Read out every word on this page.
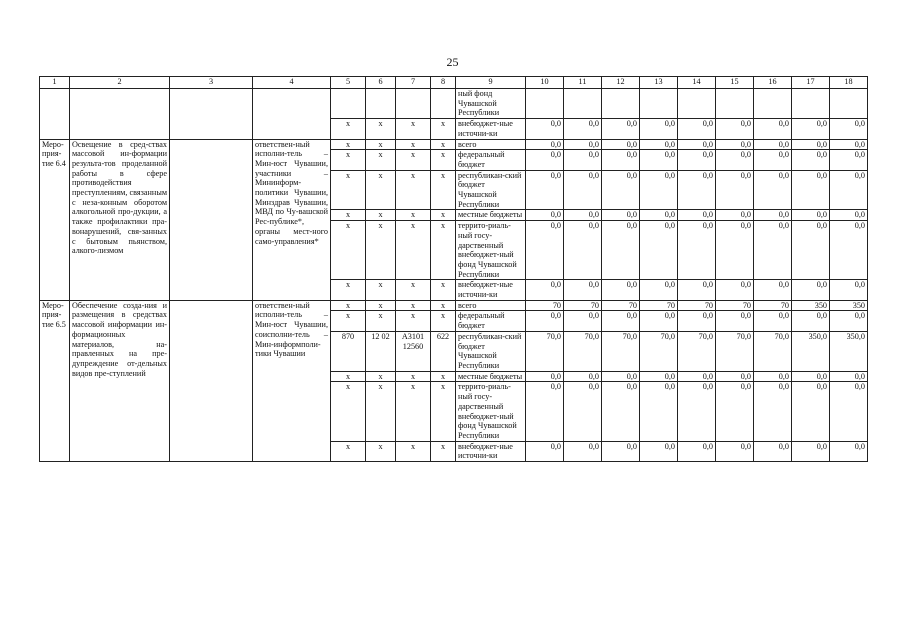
25
1	2	3	4	5	6	7	8	9	10	11	12	13	14	15	16	17	18
								ный фонд Чувашской Республики									
				x	x	x	x	внебюджет-ные источни-ки	0,0	0,0	0,0	0,0	0,0	0,0	0,0	0,0	0,0
Меро-прия-тие 6.4	Освещение в сред-ствах массовой ин-формации результа-тов проделанной работы в сфере противодействия преступлениям, связанным с неза-конным оборотом алкогольной про-дукции, а также профилактики пра-вонарушений, свя-занных с бытовым пьянством, алкого-лизмом		ответствен-ный исполни-тель – Мин-юст Чувашии, участники – Мининформ-политики Чувашии, Минздрав Чувашии, МВД по Чу-вашской Рес-публике*, органы мест-ного само-управления*	x	x	x	x	всего	0,0	0,0	0,0	0,0	0,0	0,0	0,0	0,0	0,0
				x	x	x	x	федеральный бюджет	0,0	0,0	0,0	0,0	0,0	0,0	0,0	0,0	0,0
				x	x	x	x	республикан-ский бюджет Чувашской Республики	0,0	0,0	0,0	0,0	0,0	0,0	0,0	0,0	0,0
				x	x	x	x	местные бюджеты	0,0	0,0	0,0	0,0	0,0	0,0	0,0	0,0	0,0
				x	x	x	x	террито-риаль-ный госу-дарственный внебюджет-ный фонд Чувашской Республики	0,0	0,0	0,0	0,0	0,0	0,0	0,0	0,0	0,0
				x	x	x	x	внебюджет-ные источни-ки	0,0	0,0	0,0	0,0	0,0	0,0	0,0	0,0	0,0
Меро-прия-тие 6.5	Обеспечение созда-ния и размещения в средствах массовой информации ин-формационных материалов, на-правленных на пре-дупреждение от-дельных видов пре-ступлений		ответствен-ный исполни-тель – Мин-юст Чувашии, соисполни-тель – Мин-информполи-тики Чувашии	x	x	x	x	всего	70	70	70	70	70	70	70	350	350
				x	x	x	x	федеральный бюджет	0,0	0,0	0,0	0,0	0,0	0,0	0,0	0,0	0,0
				870	12 02	A3101 12560	622	республикан-ский бюджет Чувашской Республики	70,0	70,0	70,0	70,0	70,0	70,0	70,0	350,0	350,0
				x	x	x	x	местные бюджеты	0,0	0,0	0,0	0,0	0,0	0,0	0,0	0,0	0,0
				x	x	x	x	террито-риаль-ный госу-дарственный внебюджет-ный фонд Чувашской Республики	0,0	0,0	0,0	0,0	0,0	0,0	0,0	0,0	0,0
				x	x	x	x	внебюджет-ные источни-ки	0,0	0,0	0,0	0,0	0,0	0,0	0,0	0,0	0,0
